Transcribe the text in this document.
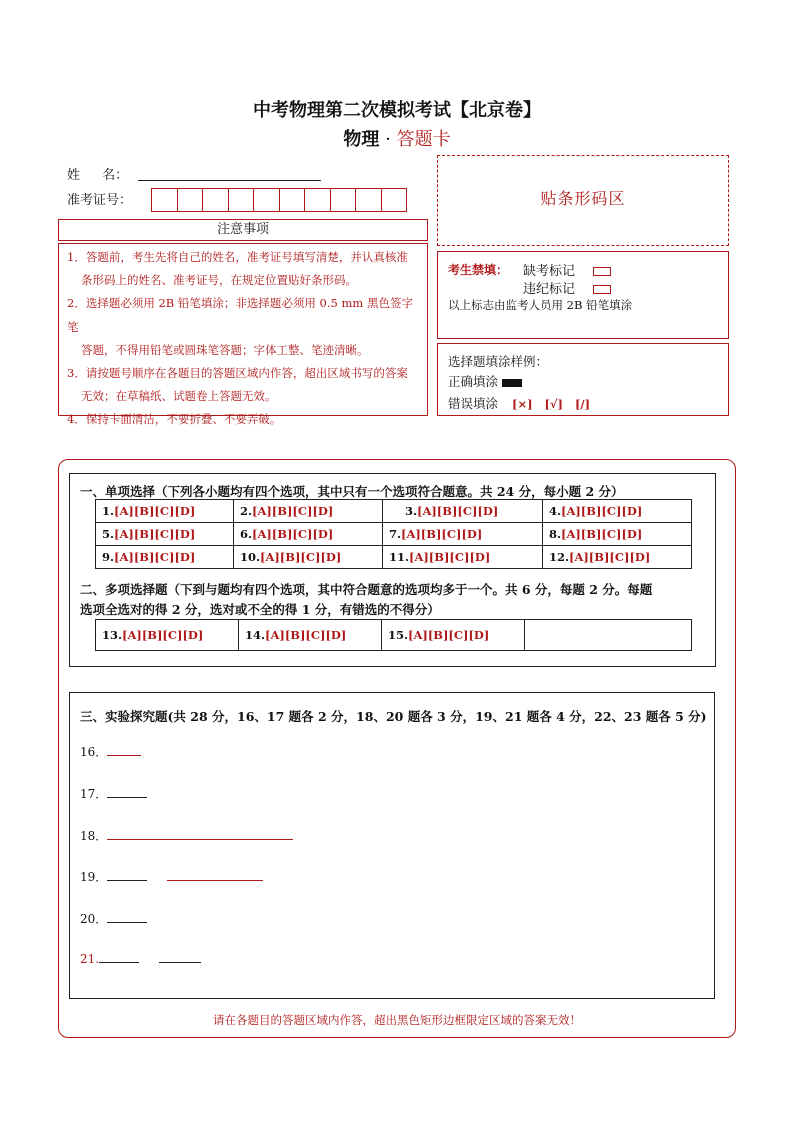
中考物理第二次模拟考试【北京卷】
物理 · 答题卡
姓 名：
准考证号：	贴条形码区
注意事项

1．答题前，考生先将自己的姓名，准考证号填写清楚，并认真核准

条形码上的姓名、准考证号，在规定位置贴好条形码。

2．选择题必须用 2B 铅笔填涂；非选择题必须用 0.5 mm 黑色签字笔

答题，不得用铅笔或圆珠笔答题；字体工整、笔迹清晰。

3．请按题号顺序在各题目的答题区域内作答，超出区域书写的答案

无效；在草稿纸、试题卷上答题无效。

4．保持卡面清洁，不要折叠、不要弄破。

考生禁填： 缺考标记
违纪标记
以上标志由监考人员用 2B 铅笔填涂
选择题填涂样例：
正确填涂
错误填涂 [×]   [√]   [/]
一、单项选择（下列各小题均有四个选项，其中只有一个选项符合题意。共 24 分，每小题 2 分）
1.[A][B][C][D]	2.[A][B][C][D]	3.[A][B][C][D]	4.[A][B][C][D]
5.[A][B][C][D]	6.[A][B][C][D]	7.[A][B][C][D]	8.[A][B][C][D]
9.[A][B][C][D]	10.[A][B][C][D]	11.[A][B][C][D]	12.[A][B][C][D]
二、多项选择题（下到与题均有四个选项，其中符合题意的选项均多于一个。共 6 分，每题 2 分。每题
选项全选对的得 2 分，选对或不全的得 1 分，有错选的不得分）
13.[A][B][C][D]	14.[A][B][C][D]	15.[A][B][C][D]	
三、实验探究题(共 28 分，16、17 题各 2 分，18、20 题各 3 分，19、21 题各 4 分，22、23 题各 5 分)
16．
17．
18．
19．
20．
21.
请在各题目的答题区域内作答，超出黑色矩形边框限定区域的答案无效！
